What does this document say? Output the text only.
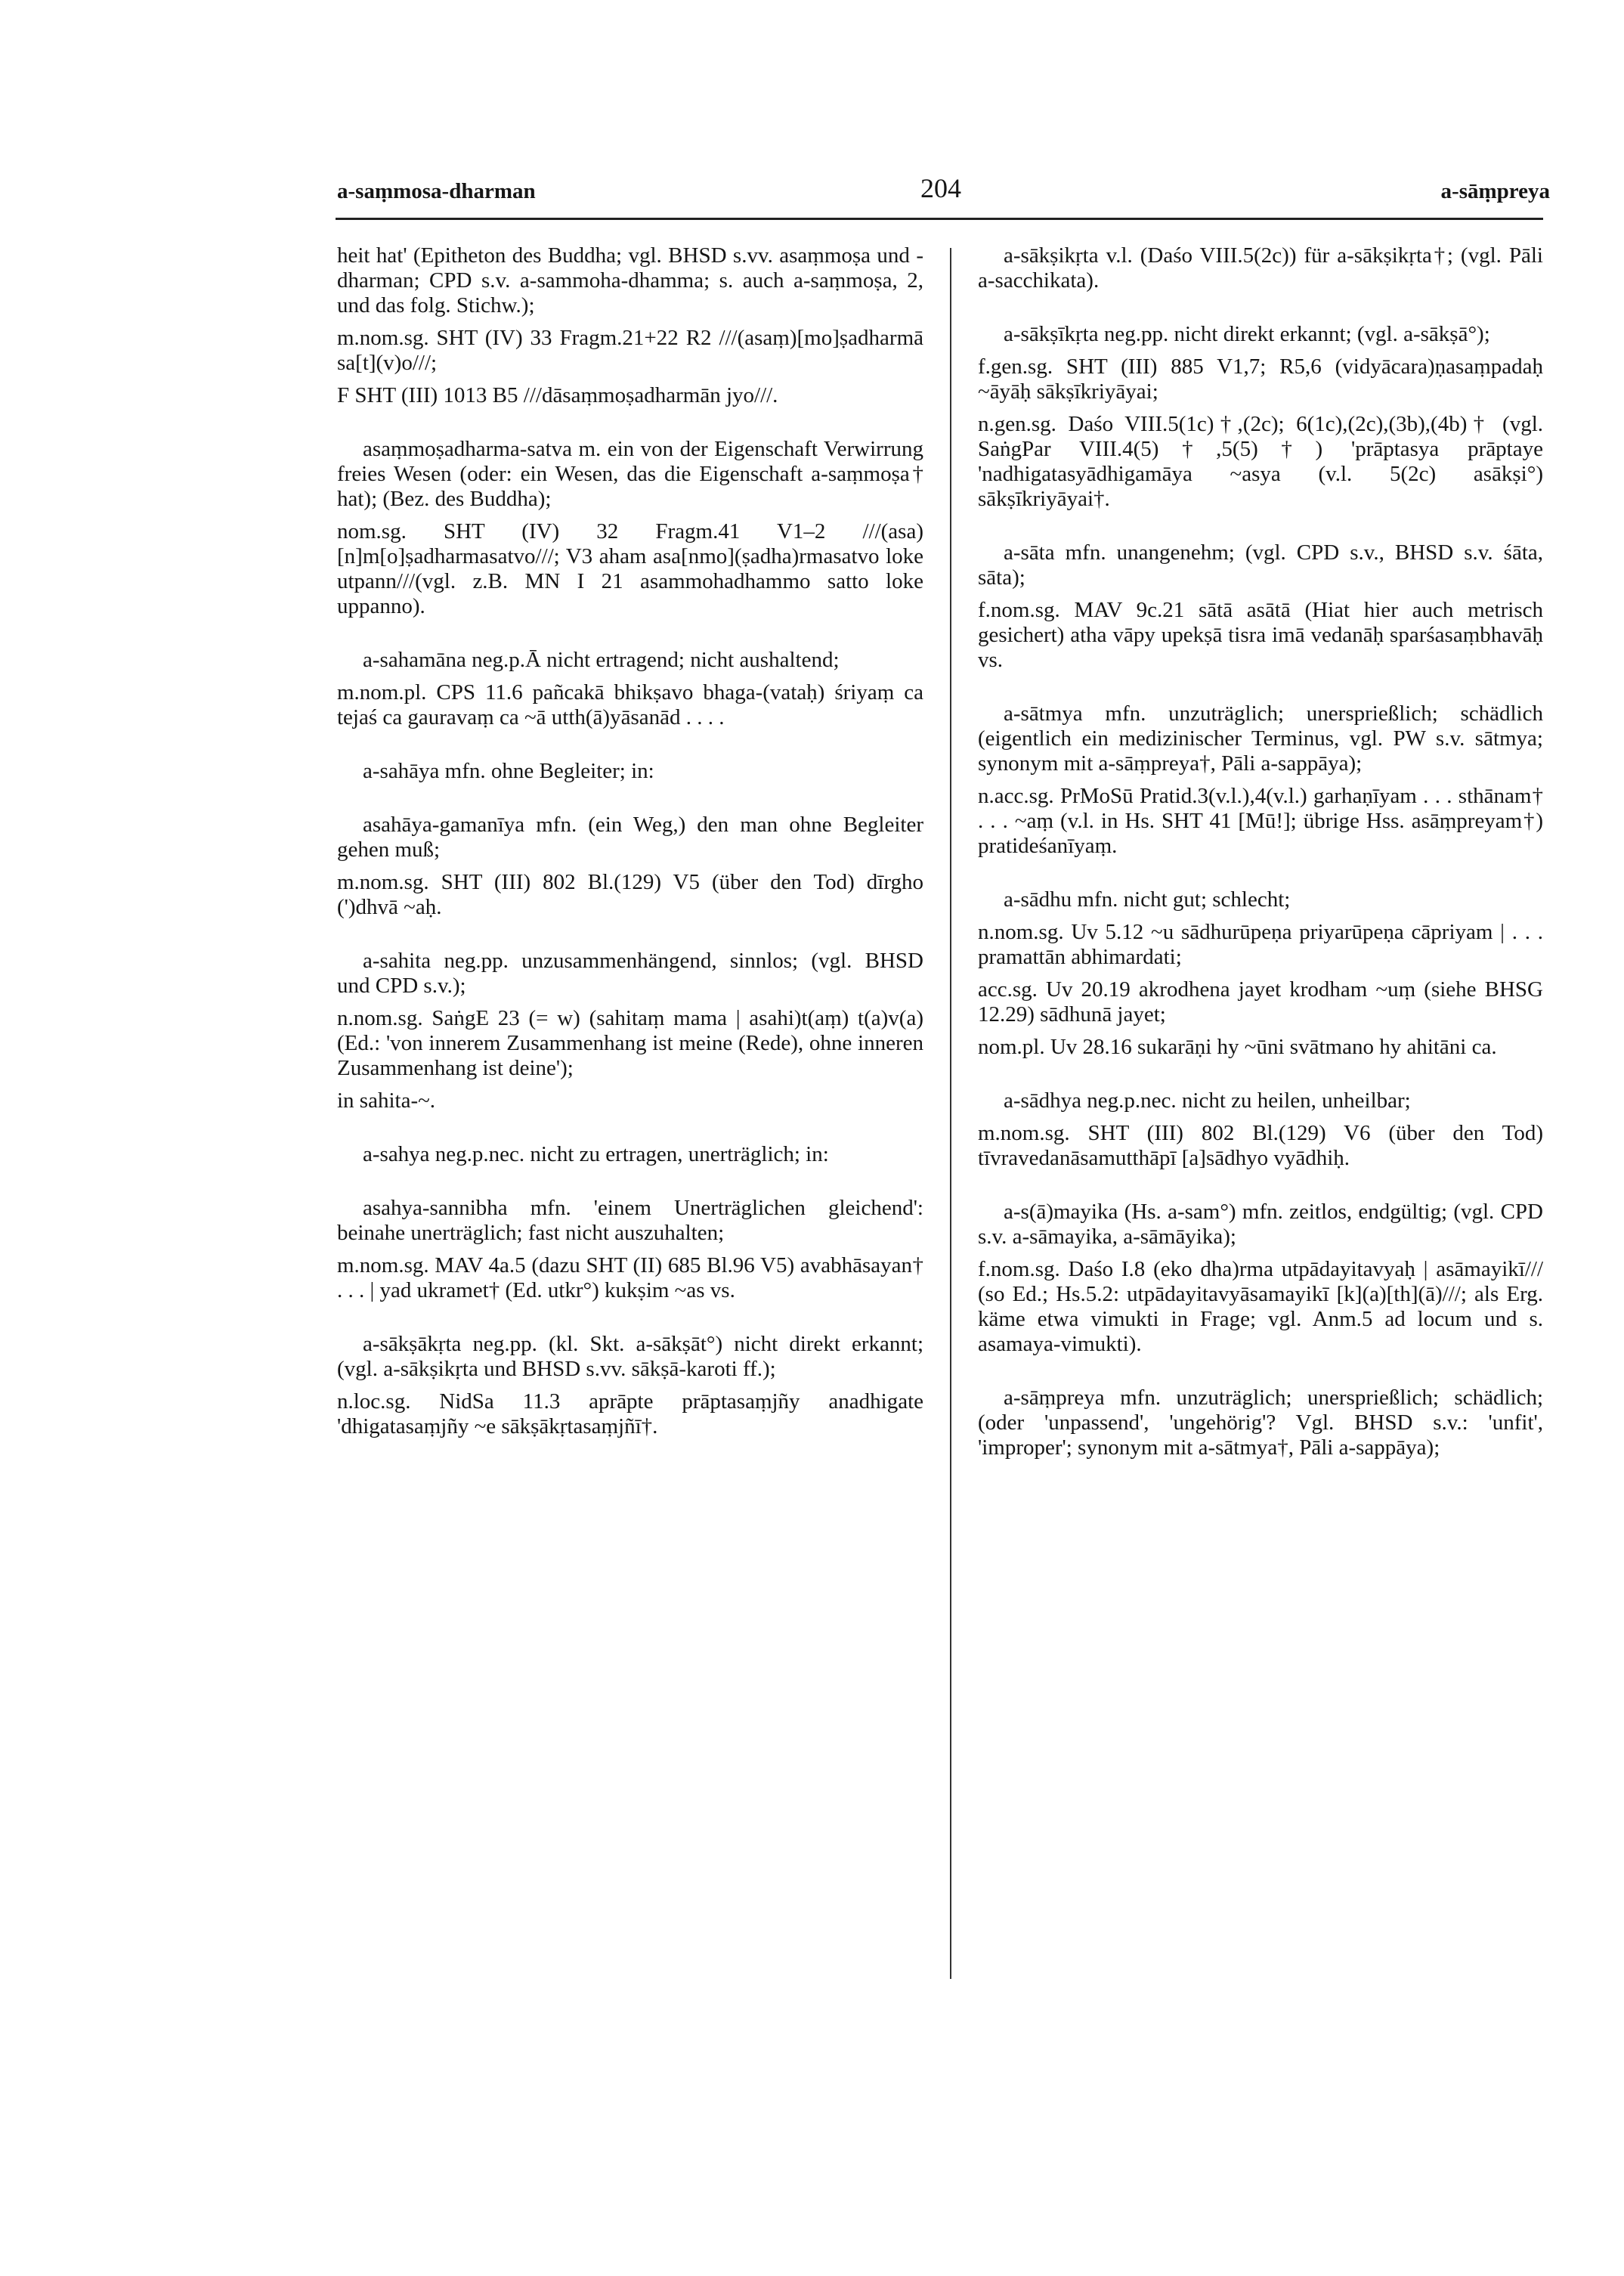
a-saṃmosa-dharman	204	a-sāṃpreya

heit hat' (Epitheton des Buddha; vgl. BHSD s.vv. asaṃmoṣa und -dharman; CPD s.v. a-sammoha-dhamma; s. auch a-saṃmoṣa, 2, und das folg. Stichw.);

m.nom.sg. SHT (IV) 33 Fragm.21+22 R2 ///(asaṃ)[mo]ṣadharmā sa[t](v)o///;

F SHT (III) 1013 B5 ///dāsaṃmoṣadharmān jyo///.

asaṃmoṣadharma-satva m. ein von der Eigenschaft Verwirrung freies Wesen (oder: ein Wesen, das die Eigenschaft a-saṃmoṣa† hat); (Bez. des Buddha);

nom.sg. SHT (IV) 32 Fragm.41 V1–2 ///(asa)[n]m[o]ṣadharmasatvo///; V3 aham asa[nmo](ṣadha)rmasatvo loke utpann///(vgl. z.B. MN I 21 asammohadhammo satto loke uppanno).

a-sahamāna neg.p.Ā nicht ertragend; nicht aushaltend;

m.nom.pl. CPS 11.6 pañcakā bhikṣavo bhaga-(vataḥ) śriyaṃ ca tejaś ca gauravaṃ ca ~ā utth(ā)yāsanād . . . .

a-sahāya mfn. ohne Begleiter; in:

asahāya-gamanīya mfn. (ein Weg,) den man ohne Begleiter gehen muß;

m.nom.sg. SHT (III) 802 Bl.(129) V5 (über den Tod) dīrgho (')dhvā ~aḥ.

a-sahita neg.pp. unzusammenhängend, sinnlos; (vgl. BHSD und CPD s.v.);

n.nom.sg. SaṅgE 23 (= w) (sahitaṃ mama | asahi)t(aṃ) t(a)v(a) (Ed.: 'von innerem Zusammenhang ist meine (Rede), ohne inneren Zusammenhang ist deine');

in sahita-~.

a-sahya neg.p.nec. nicht zu ertragen, unerträglich; in:

asahya-sannibha mfn. 'einem Unerträglichen gleichend': beinahe unerträglich; fast nicht auszuhalten;

m.nom.sg. MAV 4a.5 (dazu SHT (II) 685 Bl.96 V5) avabhāsayan† . . . | yad ukramet† (Ed. utkr°) kukṣim ~as vs.

a-sākṣākṛta neg.pp. (kl. Skt. a-sākṣāt°) nicht direkt erkannt; (vgl. a-sākṣikṛta und BHSD s.vv. sākṣā-karoti ff.);

n.loc.sg. NidSa 11.3 aprāpte prāptasaṃjñy anadhigate 'dhigatasaṃjñy ~e sākṣākṛtasaṃjñī†.

a-sākṣikṛta v.l. (Daśo VIII.5(2c)) für a-sākṣikṛta†; (vgl. Pāli a-sacchikata).

a-sākṣīkṛta neg.pp. nicht direkt erkannt; (vgl. a-sākṣā°);

f.gen.sg. SHT (III) 885 V1,7; R5,6 (vidyācara)ṇasaṃpadaḥ ~āyāḥ sākṣīkriyāyai;

n.gen.sg. Daśo VIII.5(1c)†,(2c); 6(1c),(2c),(3b),(4b)† (vgl. SaṅgPar VIII.4(5)†,5(5)†) 'prāptasya prāptaye 'nadhigatasyādhigamāya ~asya (v.l. 5(2c) asākṣi°) sākṣīkriyāyai†.

a-sāta mfn. unangenehm; (vgl. CPD s.v., BHSD s.v. śāta, sāta);

f.nom.sg. MAV 9c.21 sātā asātā (Hiat hier auch metrisch gesichert) atha vāpy upekṣā tisra imā vedanāḥ sparśasaṃbhavāḥ vs.

a-sātmya mfn. unzuträglich; unersprießlich; schädlich (eigentlich ein medizinischer Terminus, vgl. PW s.v. sātmya; synonym mit a-sāṃpreya†, Pāli a-sappāya);

n.acc.sg. PrMoSū Pratid.3(v.l.),4(v.l.) garhaṇīyam . . . sthānam† . . . ~aṃ (v.l. in Hs. SHT 41 [Mū!]; übrige Hss. asāṃpreyam†) pratideśanīyaṃ.

a-sādhu mfn. nicht gut; schlecht;

n.nom.sg. Uv 5.12 ~u sādhurūpeṇa priyarūpeṇa cāpriyam | . . . pramattān abhimardati;

acc.sg. Uv 20.19 akrodhena jayet krodham ~uṃ (siehe BHSG 12.29) sādhunā jayet;

nom.pl. Uv 28.16 sukarāṇi hy ~ūni svātmano hy ahitāni ca.

a-sādhya neg.p.nec. nicht zu heilen, unheilbar;

m.nom.sg. SHT (III) 802 Bl.(129) V6 (über den Tod) tīvravedanāsamutthāpī [a]sādhyo vyādhiḥ.

a-s(ā)mayika (Hs. a-sam°) mfn. zeitlos, endgültig; (vgl. CPD s.v. a-sāmayika, a-sāmāyika);

f.nom.sg. Daśo I.8 (eko dha)rma utpādayitavyaḥ | asāmayikī/// (so Ed.; Hs.5.2: utpādayitavyāsamayikī [k](a)[th](ā)///; als Erg. käme etwa vimukti in Frage; vgl. Anm.5 ad locum und s. asamaya-vimukti).

a-sāṃpreya mfn. unzuträglich; unersprießlich; schädlich; (oder 'unpassend', 'ungehörig'? Vgl. BHSD s.v.: 'unfit', 'improper'; synonym mit a-sātmya†, Pāli a-sappāya);
